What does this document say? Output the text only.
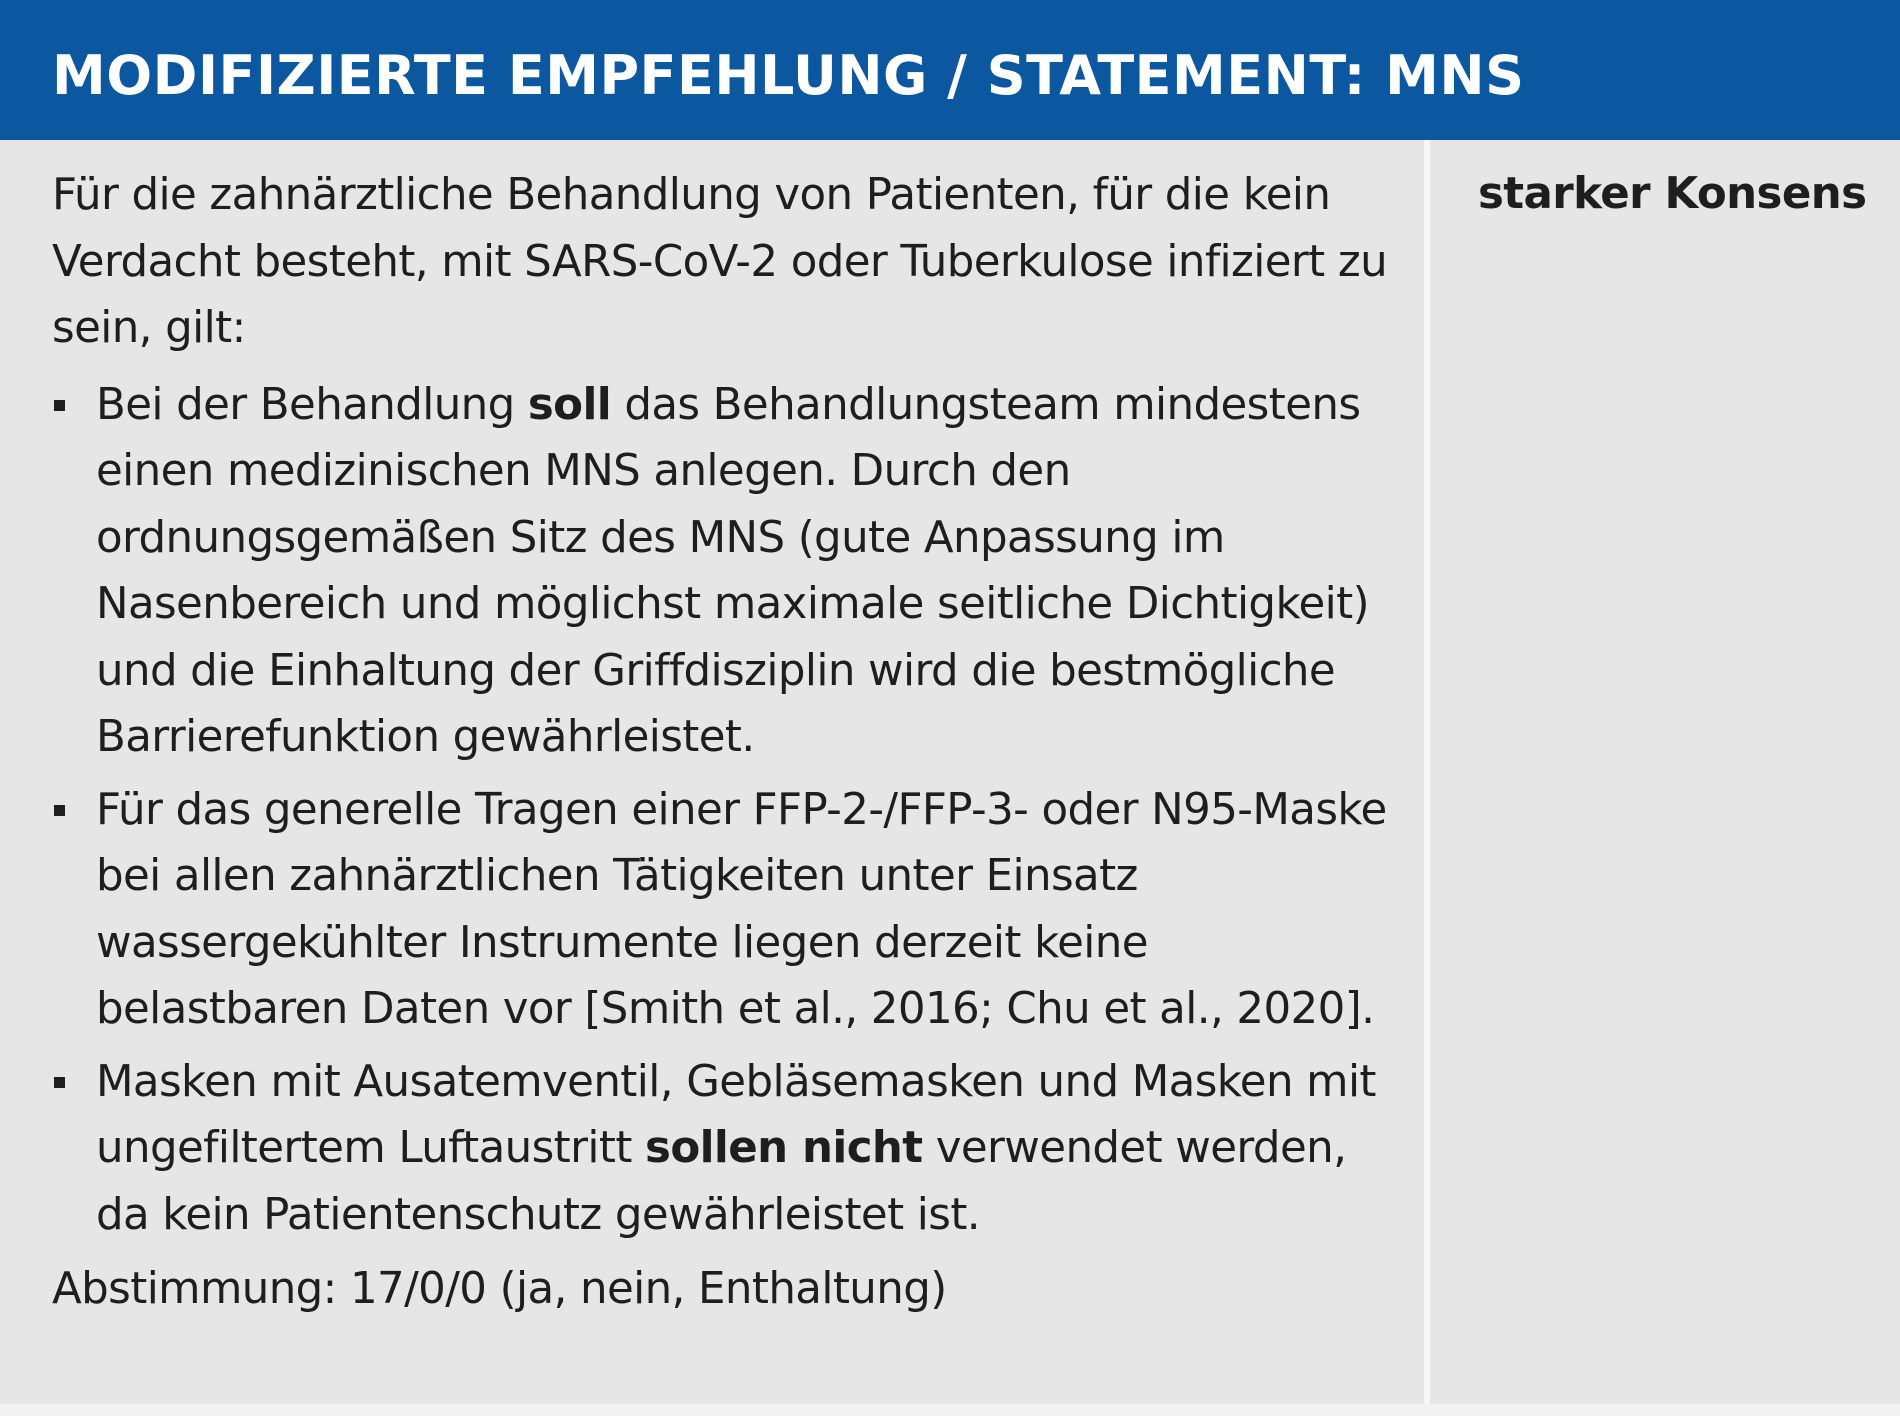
MODIFIZIERTE EMPFEHLUNG / STATEMENT: MNS

Für die zahnärztliche Behandlung von Patienten, für die kein Verdacht besteht, mit SARS-CoV-2 oder Tuberkulose infiziert zu sein, gilt:

Bei der Behandlung soll das Behandlungsteam mindestens einen medizinischen MNS anlegen. Durch den ordnungsgemäßen Sitz des MNS (gute Anpassung im Nasenbereich und möglichst maximale seitliche Dichtigkeit) und die Einhaltung der Griffdisziplin wird die bestmögliche Barrierefunktion gewährleistet.
Für das generelle Tragen einer FFP-2-/FFP-3- oder N95-Maske bei allen zahnärztlichen Tätigkeiten unter Einsatz wassergekühlter Instrumente liegen derzeit keine belastbaren Daten vor [Smith et al., 2016; Chu et al., 2020].
Masken mit Ausatemventil, Gebläsemasken und Masken mit ungefiltertem Luftaustritt sollen nicht verwendet werden, da kein Patientenschutz gewährleistet ist.

Abstimmung: 17/0/0 (ja, nein, Enthaltung)

starker Konsens
